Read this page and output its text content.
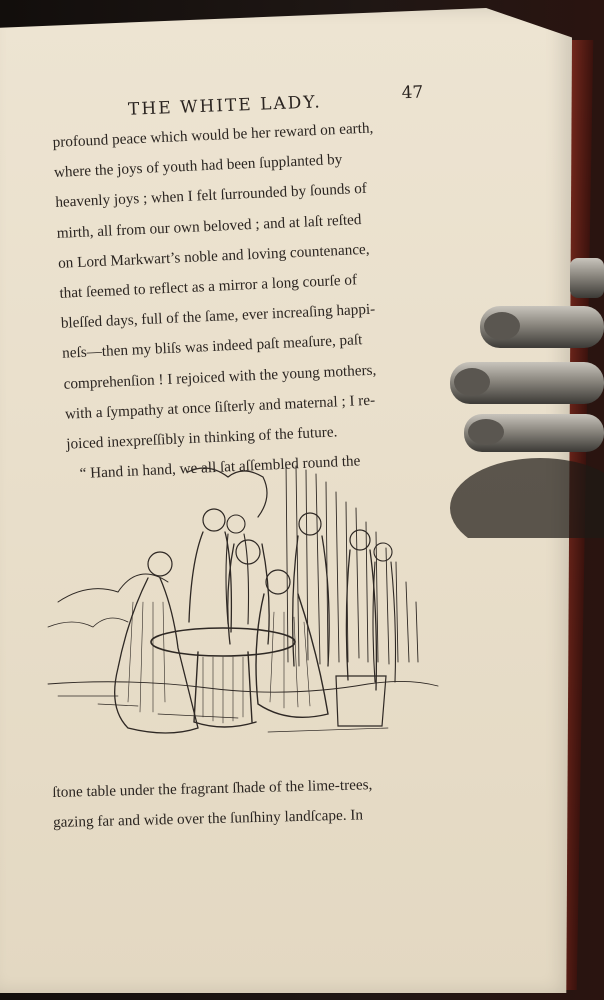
THE WHITE LADY.	47
profound peace which would be her reward on earth,
where the joys of youth had been ſupplanted by
heavenly joys ; when I felt ſurrounded by ſounds of
mirth, all from our own beloved ; and at laſt reſted
on Lord Markwart’s noble and loving countenance,
that ſeemed to reflect as a mirror a long courſe of
bleſſed days, full of the ſame, ever increaſing happi-
neſs—then my bliſs was indeed paſt meaſure, paſt
comprehenſion ! I rejoiced with the young mothers,
with a ſympathy at once ſiſterly and maternal ; I re-
joiced inexpreſſibly in thinking of the future.
“ Hand in hand, we all ſat aſſembled round the
ſtone table under the fragrant ſhade of the lime-trees,
gazing far and wide over the ſunſhiny landſcape. In
